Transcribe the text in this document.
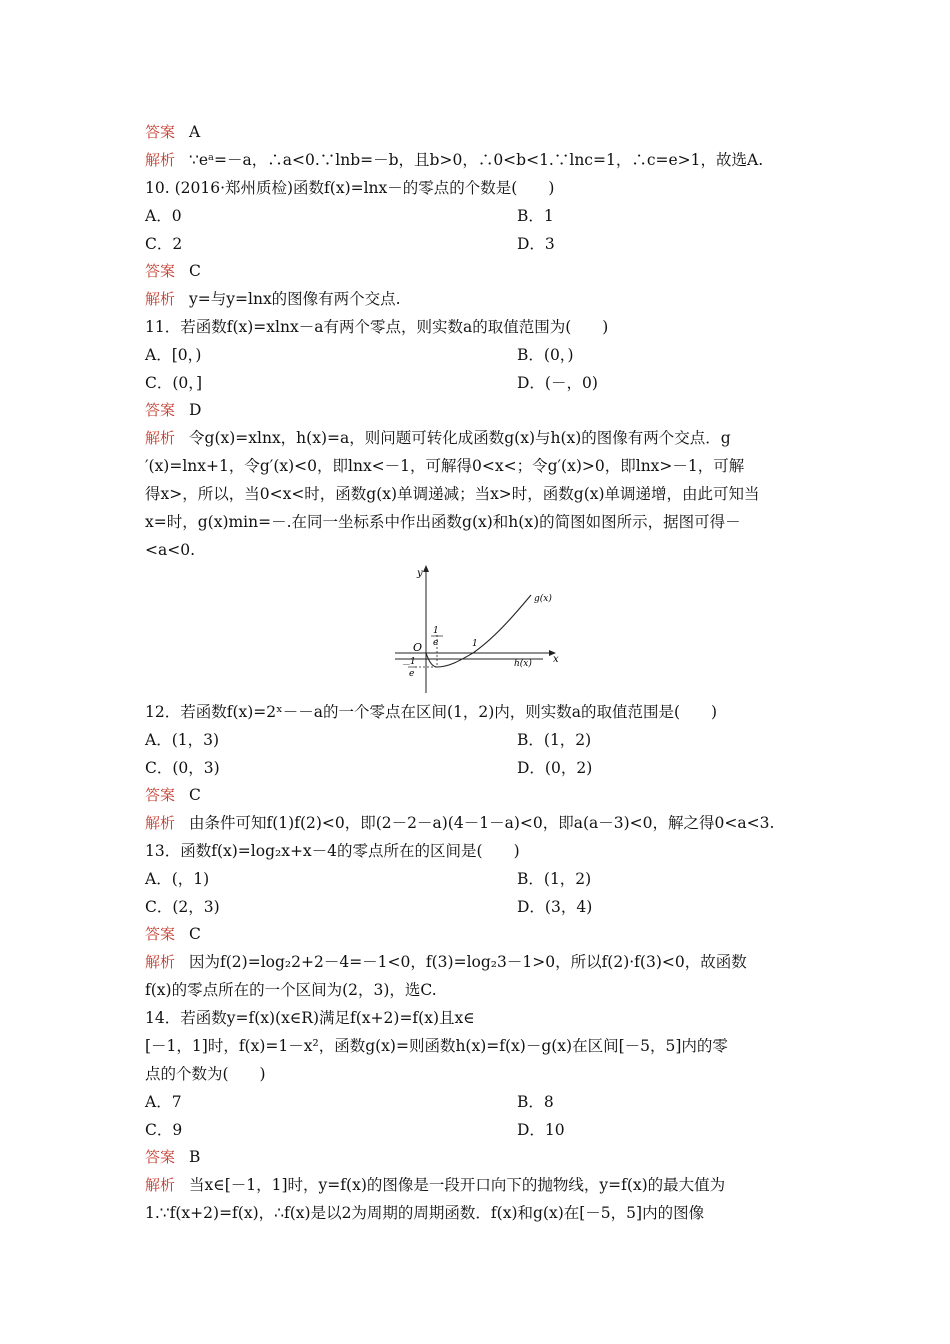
答案 A
解析 ∵eᵃ=－a，∴a<0.∵lnb=－b，且b>0，∴0<b<1.∵lnc=1，∴c=e>1，故选A.
10. (2016·郑州质检)函数f(x)=lnx－的零点的个数是(　　)
A．0	B．1
C．2	D．3
答案 C
解析 y=与y=lnx的图像有两个交点.
11．若函数f(x)=xlnx－a有两个零点，则实数a的取值范围为(　　)
A．[0，)	B．(0，)
C．(0，]	D．(－，0)
答案 D
解析 令g(x)=xlnx，h(x)=a，则问题可转化成函数g(x)与h(x)的图像有两个交点．g
′(x)=lnx+1，令g′(x)<0，即lnx<－1，可解得0<x<；令g′(x)>0，即lnx>－1，可解
得x>，所以，当0<x<时，函数g(x)单调递减；当x>时，函数g(x)单调递增，由此可知当
x=时，g(x)min=－.在同一坐标系中作出函数g(x)和h(x)的简图如图所示，据图可得－
<a<0.
y
x
O
g(x)
h(x)
1
e	1
－ 1
e
12．若函数f(x)=2ˣ－－a的一个零点在区间(1，2)内，则实数a的取值范围是(　　)
A．(1，3)	B．(1，2)
C．(0，3)	D．(0，2)
答案 C
解析 由条件可知f(1)f(2)<0，即(2－2－a)(4－1－a)<0，即a(a－3)<0，解之得0<a<3.
13．函数f(x)=log₂x+x－4的零点所在的区间是(　　)
A．(，1)	B．(1，2)
C．(2，3)	D．(3，4)
答案 C
解析 因为f(2)=log₂2+2－4=－1<0，f(3)=log₂3－1>0，所以f(2)·f(3)<0，故函数
f(x)的零点所在的一个区间为(2，3)，选C.
14．若函数y=f(x)(x∈R)满足f(x+2)=f(x)且x∈
[－1，1]时，f(x)=1－x²，函数g(x)=则函数h(x)=f(x)－g(x)在区间[－5，5]内的零
点的个数为(　　)
A．7	B．8
C．9	D．10
答案 B
解析 当x∈[－1，1]时，y=f(x)的图像是一段开口向下的抛物线，y=f(x)的最大值为
1.∵f(x+2)=f(x)，∴f(x)是以2为周期的周期函数．f(x)和g(x)在[－5，5]内的图像
